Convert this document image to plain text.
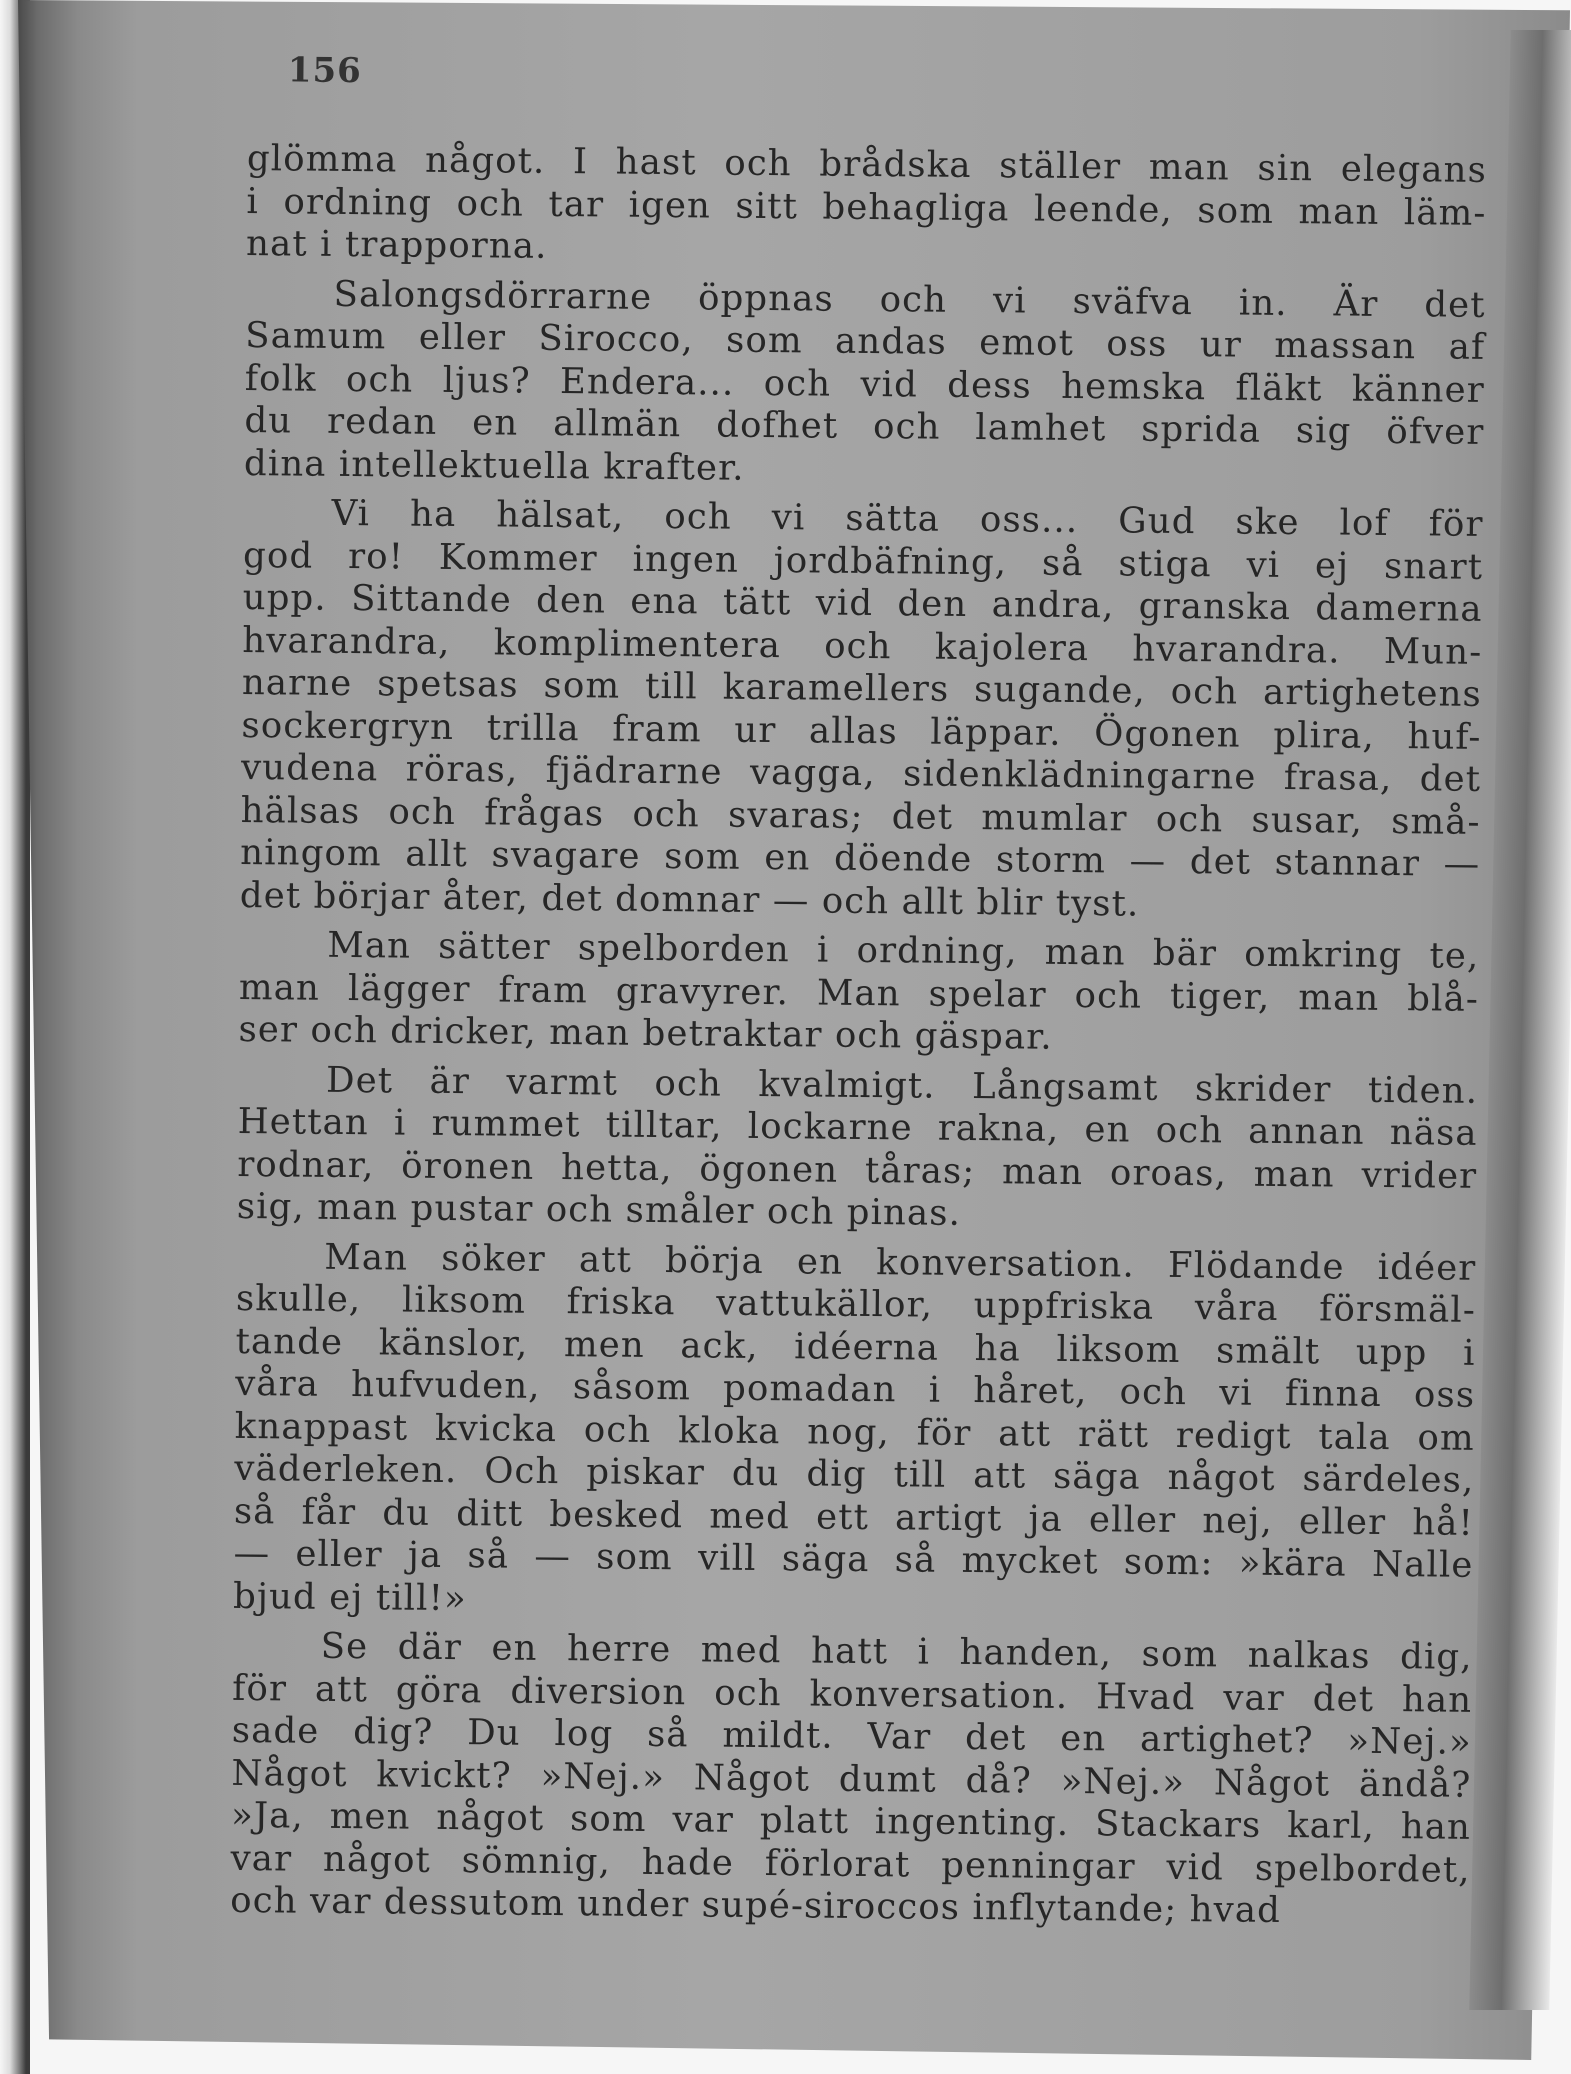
156
glömma något. I hast och brådska ställer man sin elegans
i ordning och tar igen sitt behagliga leende, som man läm-
nat i trapporna.
Salongsdörrarne öppnas och vi sväfva in. Är det
Samum eller Sirocco, som andas emot oss ur massan af
folk och ljus? Endera... och vid dess hemska fläkt känner
du redan en allmän dofhet och lamhet sprida sig öfver
dina intellektuella krafter.
Vi ha hälsat, och vi sätta oss... Gud ske lof för
god ro! Kommer ingen jordbäfning, så stiga vi ej snart
upp. Sittande den ena tätt vid den andra, granska damerna
hvarandra, komplimentera och kajolera hvarandra. Mun-
narne spetsas som till karamellers sugande, och artighetens
sockergryn trilla fram ur allas läppar. Ögonen plira, huf-
vudena röras, fjädrarne vagga, sidenklädningarne frasa, det
hälsas och frågas och svaras; det mumlar och susar, små-
ningom allt svagare som en döende storm — det stannar —
det börjar åter, det domnar — och allt blir tyst.
Man sätter spelborden i ordning, man bär omkring te,
man lägger fram gravyrer. Man spelar och tiger, man blå-
ser och dricker, man betraktar och gäspar.
Det är varmt och kvalmigt. Långsamt skrider tiden.
Hettan i rummet tilltar, lockarne rakna, en och annan näsa
rodnar, öronen hetta, ögonen tåras; man oroas, man vrider
sig, man pustar och småler och pinas.
Man söker att börja en konversation. Flödande idéer
skulle, liksom friska vattukällor, uppfriska våra försmäl-
tande känslor, men ack, idéerna ha liksom smält upp i
våra hufvuden, såsom pomadan i håret, och vi finna oss
knappast kvicka och kloka nog, för att rätt redigt tala om
väderleken. Och piskar du dig till att säga något särdeles,
så får du ditt besked med ett artigt ja eller nej, eller hå!
— eller ja så — som vill säga så mycket som: »kära Nalle
bjud ej till!»
Se där en herre med hatt i handen, som nalkas dig,
för att göra diversion och konversation. Hvad var det han
sade dig? Du log så mildt. Var det en artighet? »Nej.»
Något kvickt? »Nej.» Något dumt då? »Nej.» Något ändå?
»Ja, men något som var platt ingenting. Stackars karl, han
var något sömnig, hade förlorat penningar vid spelbordet,
och var dessutom under supé-siroccos inflytande; hvad
